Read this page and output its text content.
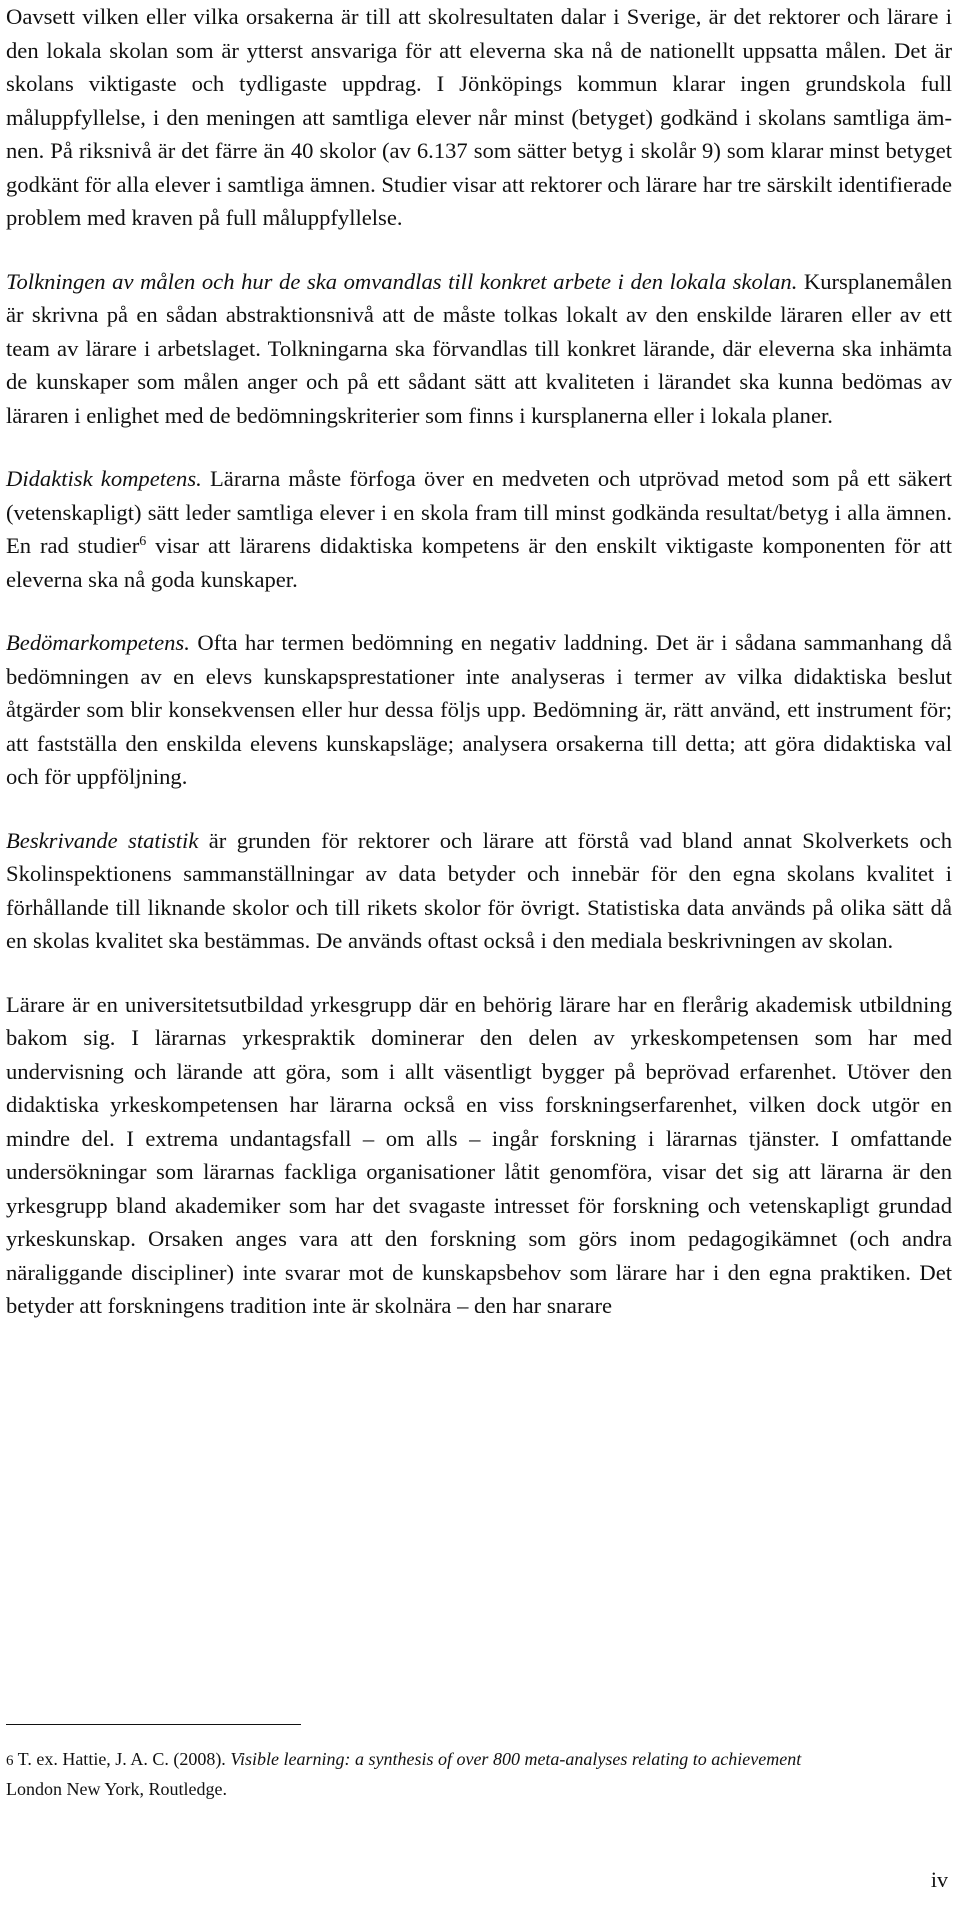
Oavsett vilken eller vilka orsakerna är till att skolresultaten dalar i Sverige, är det rektorer och lärare i den lokala skolan som är ytterst ansvariga för att eleverna ska nå de nationellt uppsatta målen. Det är skolans viktigaste och tydligaste uppdrag. I Jönköpings kommun klarar ingen grundskola full måluppfyllelse, i den meningen att samtliga elever når minst (betyget) godkänd i skolans samtliga ämnen. På riksnivå är det färre än 40 skolor (av 6.137 som sätter betyg i skolår 9) som klarar minst betyget godkänt för alla elever i samtliga ämnen. Studier visar att rektorer och lärare har tre särskilt identifierade problem med kraven på full måluppfyllelse.

Tolkningen av målen och hur de ska omvandlas till konkret arbete i den lokala skolan. Kursplanemålen är skrivna på en sådan abstraktionsnivå att de måste tolkas lokalt av den enskilde läraren eller av ett team av lärare i arbetslaget. Tolkningarna ska förvandlas till konkret lärande, där eleverna ska inhämta de kunskaper som målen anger och på ett sådant sätt att kvaliteten i lärandet ska kunna bedömas av läraren i enlighet med de bedömningskriterier som finns i kursplanerna eller i lokala planer.

Didaktisk kompetens. Lärarna måste förfoga över en medveten och utprövad metod som på ett säkert (vetenskapligt) sätt leder samtliga elever i en skola fram till minst godkända resultat/betyg i alla ämnen. En rad studier$^6$ visar att lärarens didaktiska kompetens är den enskilt viktigaste komponenten för att eleverna ska nå goda kunskaper.

Bedömarkompetens. Ofta har termen bedömning en negativ laddning. Det är i sådana sammanhang då bedömningen av en elevs kunskapsprestationer inte analyseras i termer av vilka didaktiska beslut åtgärder som blir konsekvensen eller hur dessa följs upp. Bedömning är, rätt använd, ett instrument för; att fastställa den enskilda elevens kunskapsläge; analysera orsakerna till detta; att göra didaktiska val och för uppföljning.

Beskrivande statistik är grunden för rektorer och lärare att förstå vad bland annat Skolverkets och Skolinspektionens sammanställningar av data betyder och innebär för den egna skolans kvalitet i förhållande till liknande skolor och till rikets skolor för övrigt. Statistiska data används på olika sätt då en skolas kvalitet ska bestämmas. De används oftast också i den mediala beskrivningen av skolan.

Lärare är en universitetsutbildad yrkesgrupp där en behörig lärare har en flerårig akademisk utbildning bakom sig. I lärarnas yrkespraktik dominerar den delen av yrkeskompetensen som har med undervisning och lärande att göra, som i allt väsentligt bygger på beprövad erfarenhet. Utöver den didaktiska yrkeskompetensen har lärarna också en viss forskningserfarenhet, vilken dock utgör en mindre del. I extrema undantagsfall – om alls – ingår forskning i lärarnas tjänster. I omfattande undersökningar som lärarnas fackliga organisationer låtit genomföra, visar det sig att lärarna är den yrkesgrupp bland akademiker som har det svagaste intresset för forskning och vetenskapligt grundad yrkeskunskap. Orsaken anges vara att den forskning som görs inom pedagogikämnet (och andra näraliggande discipliner) inte svarar mot de kunskapsbehov som lärare har i den egna praktiken. Det betyder att forskningens tradition inte är skolnära – den har snarare

6 T. ex. Hattie, J. A. C. (2008). Visible learning: a synthesis of over 800 meta-analyses relating to achievement
London New York, Routledge.
iv
